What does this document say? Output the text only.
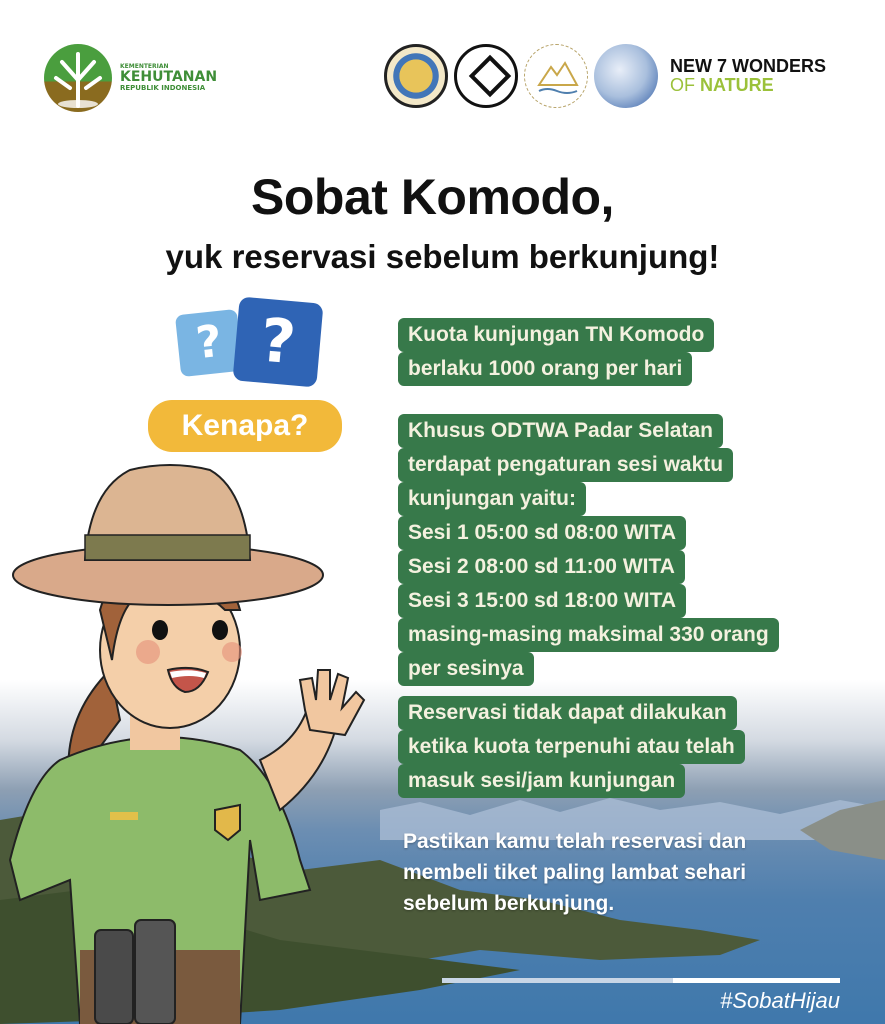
KEMENTERIAN
KEHUTANAN
REPUBLIK INDONESIA
NEW 7 WONDERS
OF NATURE
Sobat Komodo,
yuk reservasi sebelum berkunjung!
? ?
Kenapa?
Kuota kunjungan TN Komodo
berlaku 1000 orang per hari
Khusus ODTWA Padar Selatan
terdapat pengaturan sesi waktu
kunjungan yaitu:
Sesi 1 05:00 sd 08:00 WITA
Sesi 2 08:00 sd 11:00 WITA
Sesi 3 15:00 sd 18:00 WITA
masing-masing maksimal 330 orang
per sesinya
Reservasi tidak dapat dilakukan
ketika kuota terpenuhi atau telah
masuk sesi/jam kunjungan
Pastikan kamu telah reservasi dan
membeli tiket paling lambat sehari
sebelum berkunjung.
#SobatHijau
